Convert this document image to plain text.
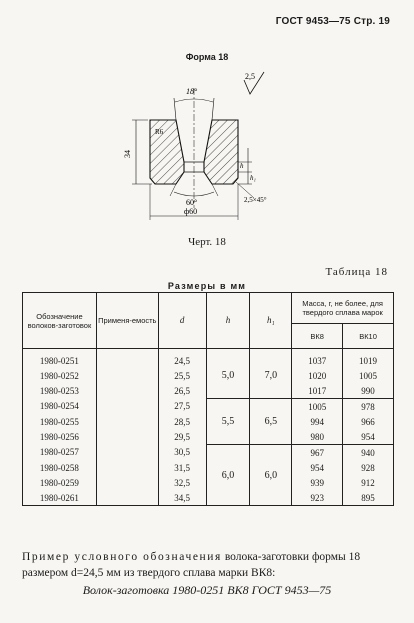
ГОСТ 9453—75 Стр. 19
Форма 18
18°
2,5
R6
34
h
h₁
60°	2,5×45°
ф60
Черт. 18
Таблица 18
Размеры в мм
Обозначение волоков-заготовок	Применя-емость	d	h	h₁	Масса, г, не более, для твердого сплава марок	
					ВК8	ВК10
1980-0251		24,5	5,0	7,0	1037	1019
1980-0252		25,5			1020	1005
1980-0253		26,5			1017	990
1980-0254		27,5	5,5	6,5	1005	978
1980-0255		28,5			994	966
1980-0256		29,5			980	954
1980-0257		30,5	6,0	6,0	967	940
1980-0258		31,5			954	928
1980-0259		32,5			939	912
1980-0261		34,5			923	895
Пример условного обозначения волока-заготовки формы 18 размером d=24,5 мм из твердого сплава марки ВК8:
Волок-заготовка 1980-0251 ВК8 ГОСТ 9453—75
